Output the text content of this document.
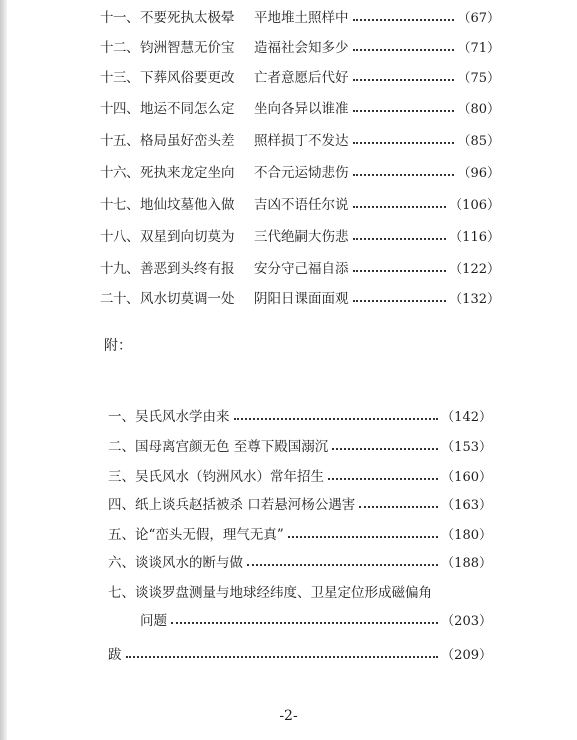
十一、 不要死执太极晕	平地堆土照样中	（67）
十二、 钧洲智慧无价宝	造福社会知多少	（71）
十三、 下葬风俗要更改	亡者意愿后代好	（75）
十四、 地运不同怎么定	坐向各异以谁准	（80）
十五、 格局虽好峦头差	照样损丁不发达	（85）
十六、 死执来龙定坐向	不合元运恸悲伤	（96）
十七、 地仙坟墓他入做	吉凶不语任尔说	（106）
十八、 双星到向切莫为	三代绝嗣大伤悲	（116）
十九、 善恶到头终有报	安分守己福自添	（122）
二十、 风水切莫调一处	阴阳日课面面观	（132）
附：
一、吴氏风水学由来	（142）
二、国母离宫颜无色 至尊下殿国溺沉	（153）
三、吴氏风水（钧洲风水）常年招生	（160）
四、纸上谈兵赵括被杀 口若悬河杨公遇害	（163）
五、论“峦头无假，理气无真”	（180）
六、谈谈风水的断与做	（188）
七、谈谈罗盘测量与地球经纬度、卫星定位形成磁偏角
问题	（203）
跋	（209）
-2-
